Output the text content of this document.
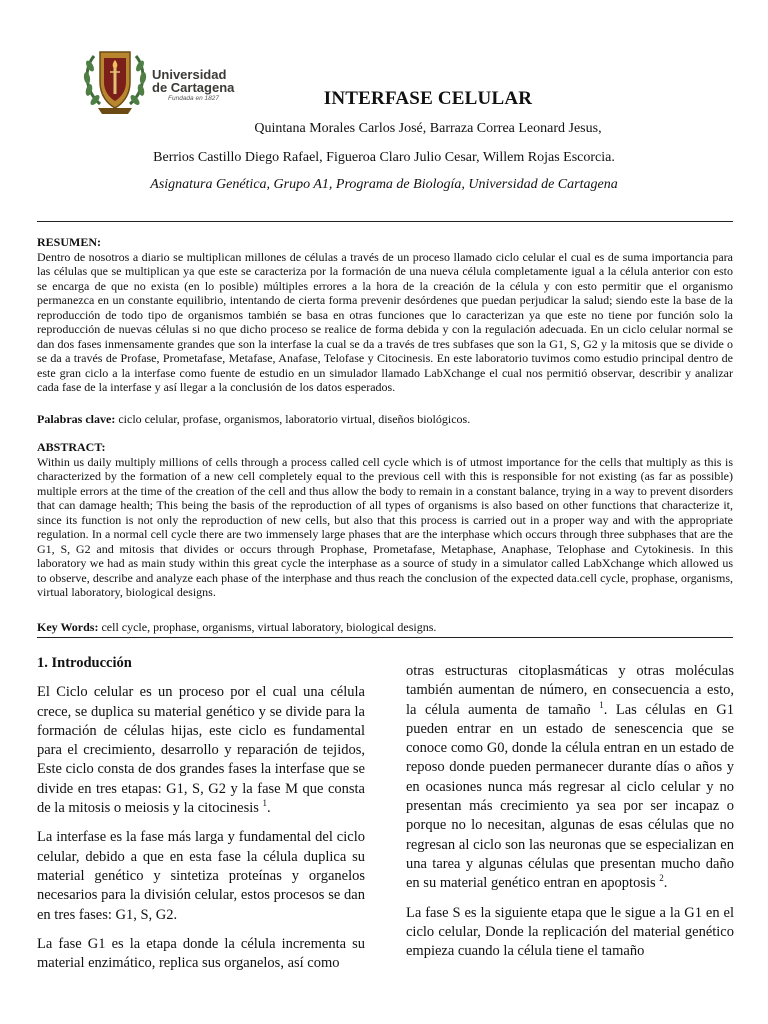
Universidad
de Cartagena
Fundada en 1827	INTERFASE CELULAR
Quintana Morales Carlos José, Barraza Correa Leonard Jesus,
Berrios Castillo Diego Rafael, Figueroa Claro Julio Cesar, Willem Rojas Escorcia.
Asignatura Genética, Grupo A1, Programa de Biología, Universidad de Cartagena
RESUMEN:

Dentro de nosotros a diario se multiplican millones de células a través de un proceso llamado ciclo celular el cual es de suma importancia para las células que se multiplican ya que este se caracteriza por la formación de una nueva célula completamente igual a la célula anterior con esto se encarga de que no exista (en lo posible) múltiples errores a la hora de la creación de la célula y con esto permitir que el organismo permanezca en un constante equilibrio, intentando de cierta forma prevenir desórdenes que puedan perjudicar la salud; siendo este la base de la reproducción de todo tipo de organismos también se basa en otras funciones que lo caracterizan ya que este no tiene por función solo la reproducción de nuevas células si no que dicho proceso se realice de forma debida y con la regulación adecuada. En un ciclo celular normal se dan dos fases inmensamente grandes que son la interfase la cual se da a través de tres subfases que son la G1, S, G2 y la mitosis que se divide o se da a través de Profase, Prometafase, Metafase, Anafase, Telofase y Citocinesis. En este laboratorio tuvimos como estudio principal dentro de este gran ciclo a la interfase como fuente de estudio en un simulador llamado LabXchange el cual nos permitió observar, describir y analizar cada fase de la interfase y así llegar a la conclusión de los datos esperados.

Palabras clave: ciclo celular, profase, organismos, laboratorio virtual, diseños biológicos.

ABSTRACT:

Within us daily multiply millions of cells through a process called cell cycle which is of utmost importance for the cells that multiply as this is characterized by the formation of a new cell completely equal to the previous cell with this is responsible for not existing (as far as possible) multiple errors at the time of the creation of the cell and thus allow the body to remain in a constant balance, trying in a way to prevent disorders that can damage health; This being the basis of the reproduction of all types of organisms is also based on other functions that characterize it, since its function is not only the reproduction of new cells, but also that this process is carried out in a proper way and with the appropriate regulation. In a normal cell cycle there are two immensely large phases that are the interphase which occurs through three subphases that are the G1, S, G2 and mitosis that divides or occurs through Prophase, Prometafase, Metaphase, Anaphase, Telophase and Cytokinesis. In this laboratory we had as main study within this great cycle the interphase as a source of study in a simulator called LabXchange which allowed us to observe, describe and analyze each phase of the interphase and thus reach the conclusion of the expected data.cell cycle, prophase, organisms, virtual laboratory, biological designs.

Key Words: cell cycle, prophase, organisms, virtual laboratory, biological designs.

1. Introducción

El Ciclo celular es un proceso por el cual una célula crece, se duplica su material genético y se divide para la formación de células hijas, este ciclo es fundamental para el crecimiento, desarrollo y reparación de tejidos, Este ciclo consta de dos grandes fases la interfase que se divide en tres etapas: G1, S, G2 y la fase M que consta de la mitosis o meiosis y la citocinesis $^1$.

La interfase es la fase más larga y fundamental del ciclo celular, debido a que en esta fase la célula duplica su material genético y sintetiza proteínas y organelos necesarios para la división celular, estos procesos se dan en tres fases: G1, S, G2.

La fase G1 es la etapa donde la célula incrementa su material enzimático, replica sus organelos, así como

otras estructuras citoplasmáticas y otras moléculas también aumentan de número, en consecuencia a esto, la célula aumenta de tamaño $^1$. Las células en G1 pueden entrar en un estado de senescencia que se conoce como G0, donde la célula entran en un estado de reposo donde pueden permanecer durante días o años y en ocasiones nunca más regresar al ciclo celular y no presentan más crecimiento ya sea por ser incapaz o porque no lo necesitan, algunas de esas células que no regresan al ciclo son las neuronas que se especializan en una tarea y algunas células que presentan mucho daño en su material genético entran en apoptosis $^2$.

La fase S es la siguiente etapa que le sigue a la G1 en el ciclo celular, Donde la replicación del material genético empieza cuando la célula tiene el tamaño
